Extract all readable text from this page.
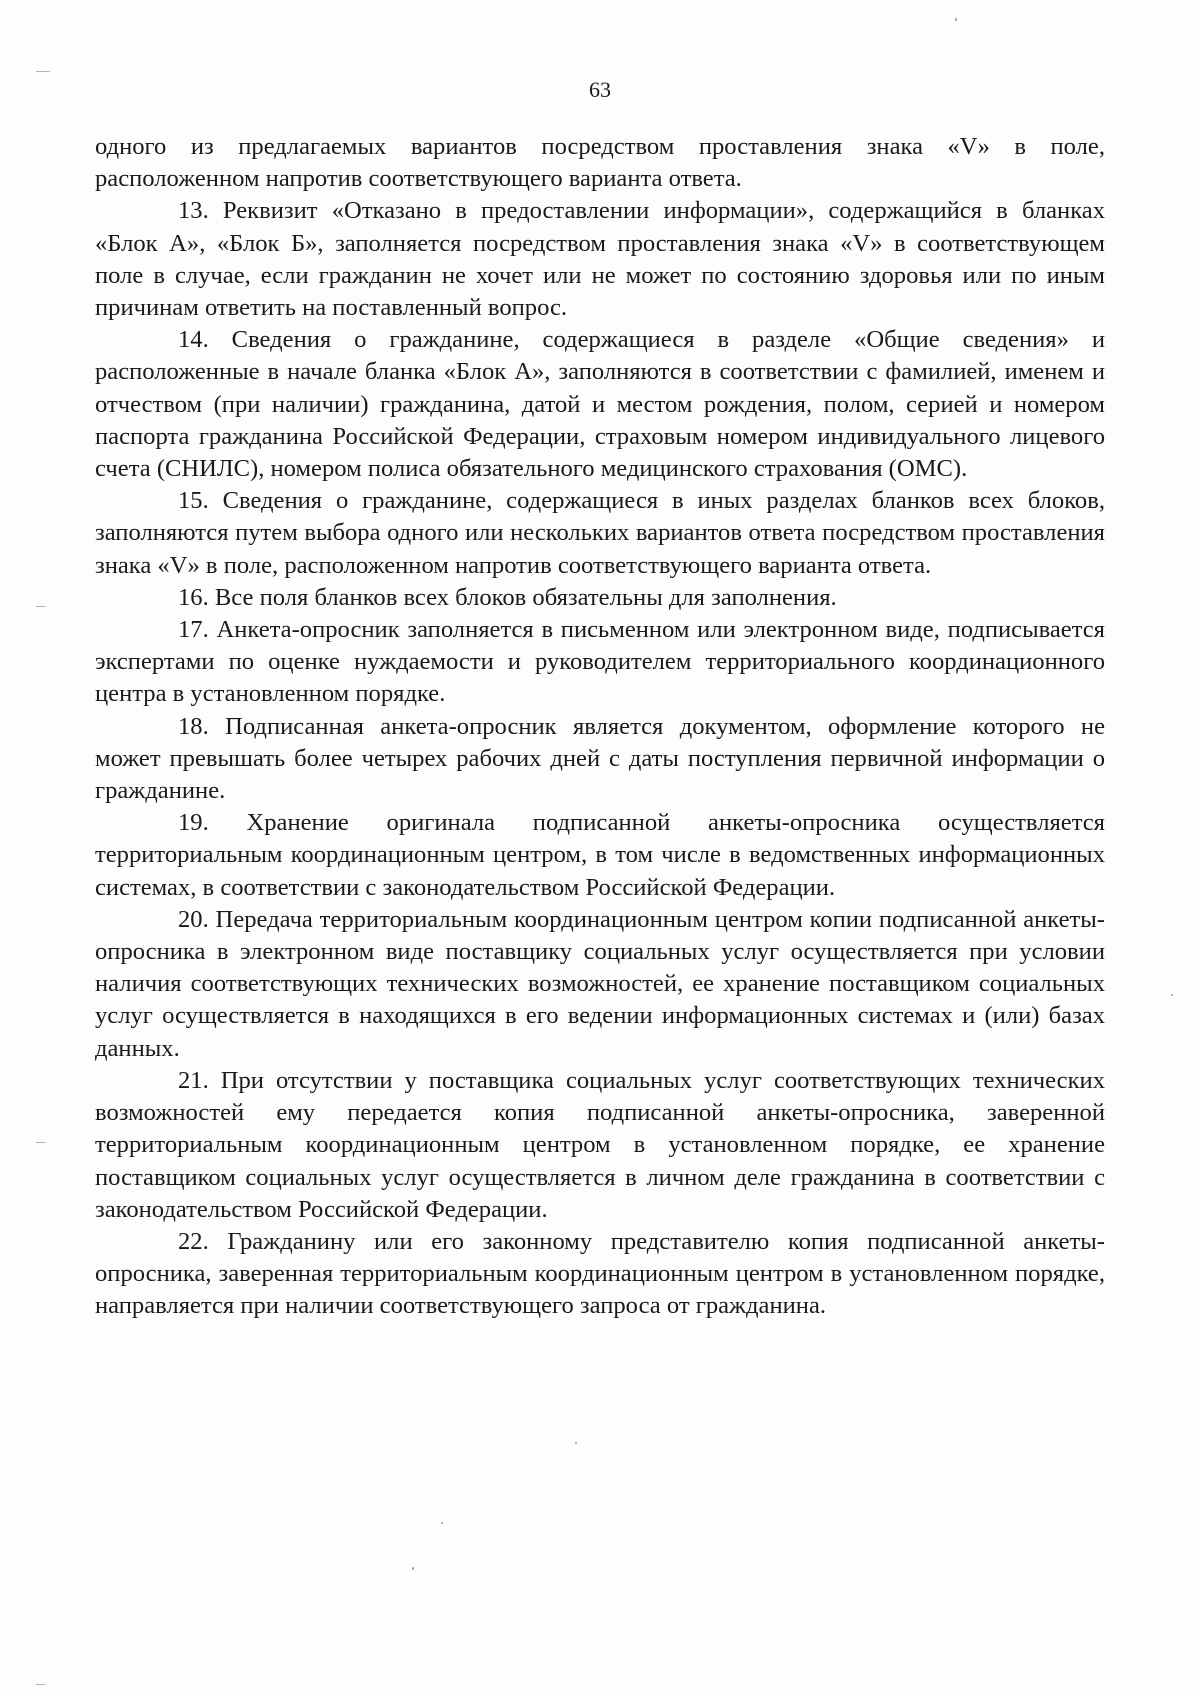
63

одного из предлагаемых вариантов посредством проставления знака «V» в поле, расположенном напротив соответствующего варианта ответа.

13. Реквизит «Отказано в предоставлении информации», содержащийся в бланках «Блок А», «Блок Б», заполняется посредством проставления знака «V» в соответствующем поле в случае, если гражданин не хочет или не может по состоянию здоровья или по иным причинам ответить на поставленный вопрос.

14. Сведения о гражданине, содержащиеся в разделе «Общие сведения» и расположенные в начале бланка «Блок А», заполняются в соответствии с фамилией, именем и отчеством (при наличии) гражданина, датой и местом рождения, полом, серией и номером паспорта гражданина Российской Федерации, страховым номером индивидуального лицевого счета (СНИЛС), номером полиса обязательного медицинского страхования (ОМС).

15. Сведения о гражданине, содержащиеся в иных разделах бланков всех блоков, заполняются путем выбора одного или нескольких вариантов ответа посредством проставления знака «V» в поле, расположенном напротив соответствующего варианта ответа.

16. Все поля бланков всех блоков обязательны для заполнения.

17. Анкета-опросник заполняется в письменном или электронном виде, подписывается экспертами по оценке нуждаемости и руководителем территориального координационного центра в установленном порядке.

18. Подписанная анкета-опросник является документом, оформление которого не может превышать более четырех рабочих дней с даты поступления первичной информации о гражданине.

19. Хранение оригинала подписанной анкеты-опросника осуществляется территориальным координационным центром, в том числе в ведомственных информационных системах, в соответствии с законодательством Российской Федерации.

20. Передача территориальным координационным центром копии подписанной анкеты-опросника в электронном виде поставщику социальных услуг осуществляется при условии наличия соответствующих технических возможностей, ее хранение поставщиком социальных услуг осуществляется в находящихся в его ведении информационных системах и (или) базах данных.

21. При отсутствии у поставщика социальных услуг соответствующих технических возможностей ему передается копия подписанной анкеты-опросника, заверенной территориальным координационным центром в установленном порядке, ее хранение поставщиком социальных услуг осуществляется в личном деле гражданина в соответствии с законодательством Российской Федерации.

22. Гражданину или его законному представителю копия подписанной анкеты-опросника, заверенная территориальным координационным центром в установленном порядке, направляется при наличии соответствующего запроса от гражданина.
